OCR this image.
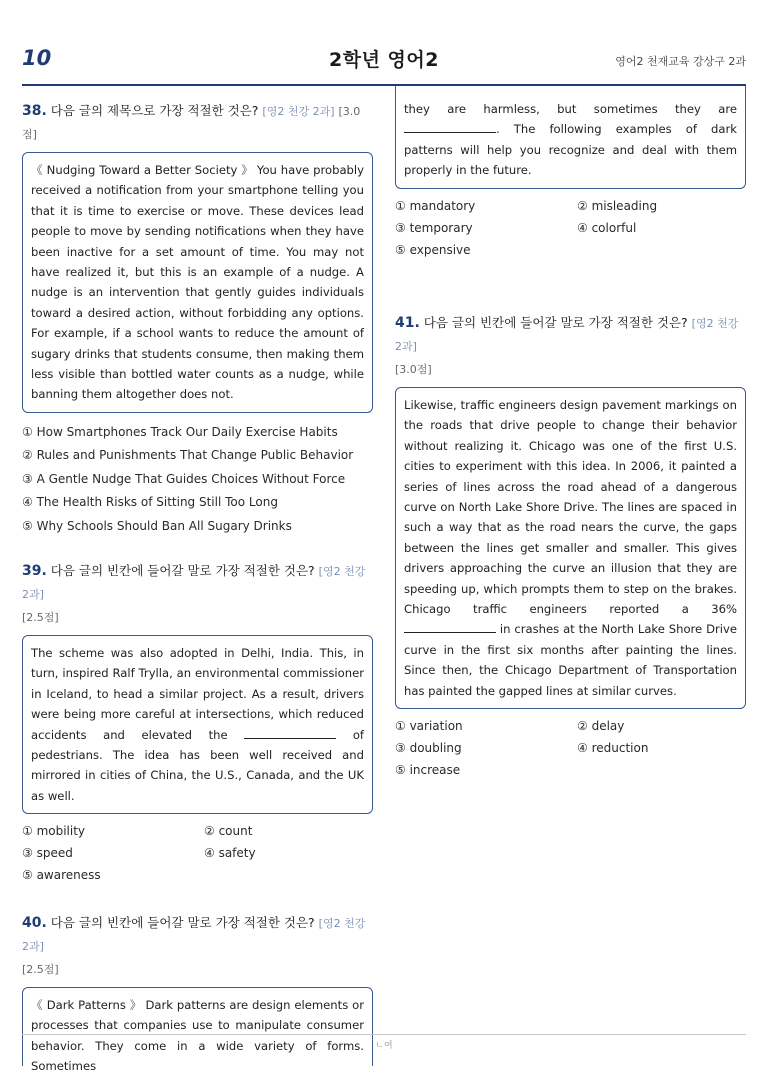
10	2학년 영어2	영어2 천재교육 강상구 2과
38. 다음 글의 제목으로 가장 적절한 것은? [영2 천강 2과] [3.0점]
《 Nudging Toward a Better Society 》 You have probably received a notification from your smartphone telling you that it is time to exercise or move. These devices lead people to move by sending notifications when they have been inactive for a set amount of time. You may not have realized it, but this is an example of a nudge. A nudge is an intervention that gently guides individuals toward a desired action, without forbidding any options. For example, if a school wants to reduce the amount of sugary drinks that students consume, then making them less visible than bottled water counts as a nudge, while banning them altogether does not.
① How Smartphones Track Our Daily Exercise Habits
② Rules and Punishments That Change Public Behavior
③ A Gentle Nudge That Guides Choices Without Force
④ The Health Risks of Sitting Still Too Long
⑤ Why Schools Should Ban All Sugary Drinks
39. 다음 글의 빈칸에 들어갈 말로 가장 적절한 것은? [영2 천강 2과]
[2.5점]
The scheme was also adopted in Delhi, India. This, in turn, inspired Ralf Trylla, an environmental commissioner in Iceland, to head a similar project. As a result, drivers were being more careful at intersections, which reduced accidents and elevated the	of pedestrians. The idea has been well received and mirrored in cities of China, the U.S., Canada, and the UK as well.
① mobility	② count
③ speed	④ safety
⑤ awareness
40. 다음 글의 빈칸에 들어갈 말로 가장 적절한 것은? [영2 천강 2과]
[2.5점]
《 Dark Patterns 》 Dark patterns are design elements or processes that companies use to manipulate consumer behavior. They come in a wide variety of forms. Sometimes
they are harmless, but sometimes they are . The following examples of dark patterns will help you recognize and deal with them properly in the future.
① mandatory	② misleading
③ temporary	④ colorful
⑤ expensive
41. 다음 글의 빈칸에 들어갈 말로 가장 적절한 것은? [영2 천강 2과]
[3.0점]
Likewise, traffic engineers design pavement markings on the roads that drive people to change their behavior without realizing it. Chicago was one of the first U.S. cities to experiment with this idea. In 2006, it painted a series of lines across the road ahead of a dangerous curve on North Lake Shore Drive. The lines are spaced in such a way that as the road nears the curve, the gaps between the lines get smaller and smaller. This gives drivers approaching the curve an illusion that they are speeding up, which prompts them to step on the brakes. Chicago traffic engineers reported a 36%  in crashes at the North Lake Shore Drive curve in the first six months after painting the lines. Since then, the Chicago Department of Transportation has painted the gapped lines at similar curves.
① variation	② delay
③ doubling	④ reduction
⑤ increase
ㄴ여
